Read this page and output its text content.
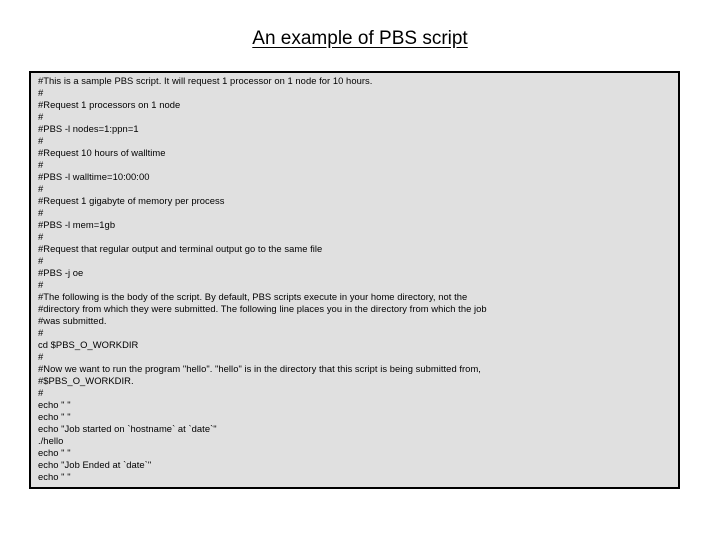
An example of PBS script
#This is a sample PBS script. It will request 1 processor on 1 node for 10 hours.
#
#Request 1 processors on 1 node
#
#PBS -l nodes=1:ppn=1
#
#Request 10 hours of walltime
#
#PBS -l walltime=10:00:00
#
#Request 1 gigabyte of memory per process
#
#PBS -l mem=1gb
#
#Request that regular output and terminal output go to the same file
#
#PBS -j oe
#
#The following is the body of the script. By default, PBS scripts execute in your home directory, not the
#directory from which they were submitted. The following line places you in the directory from which the job
#was submitted.
#
cd $PBS_O_WORKDIR
#
#Now we want to run the program "hello". "hello" is in the directory that this script is being submitted from,
#$PBS_O_WORKDIR.
#
echo " "
echo " "
echo "Job started on `hostname` at `date`"
./hello
echo " "
echo "Job Ended at `date`"
echo " "
